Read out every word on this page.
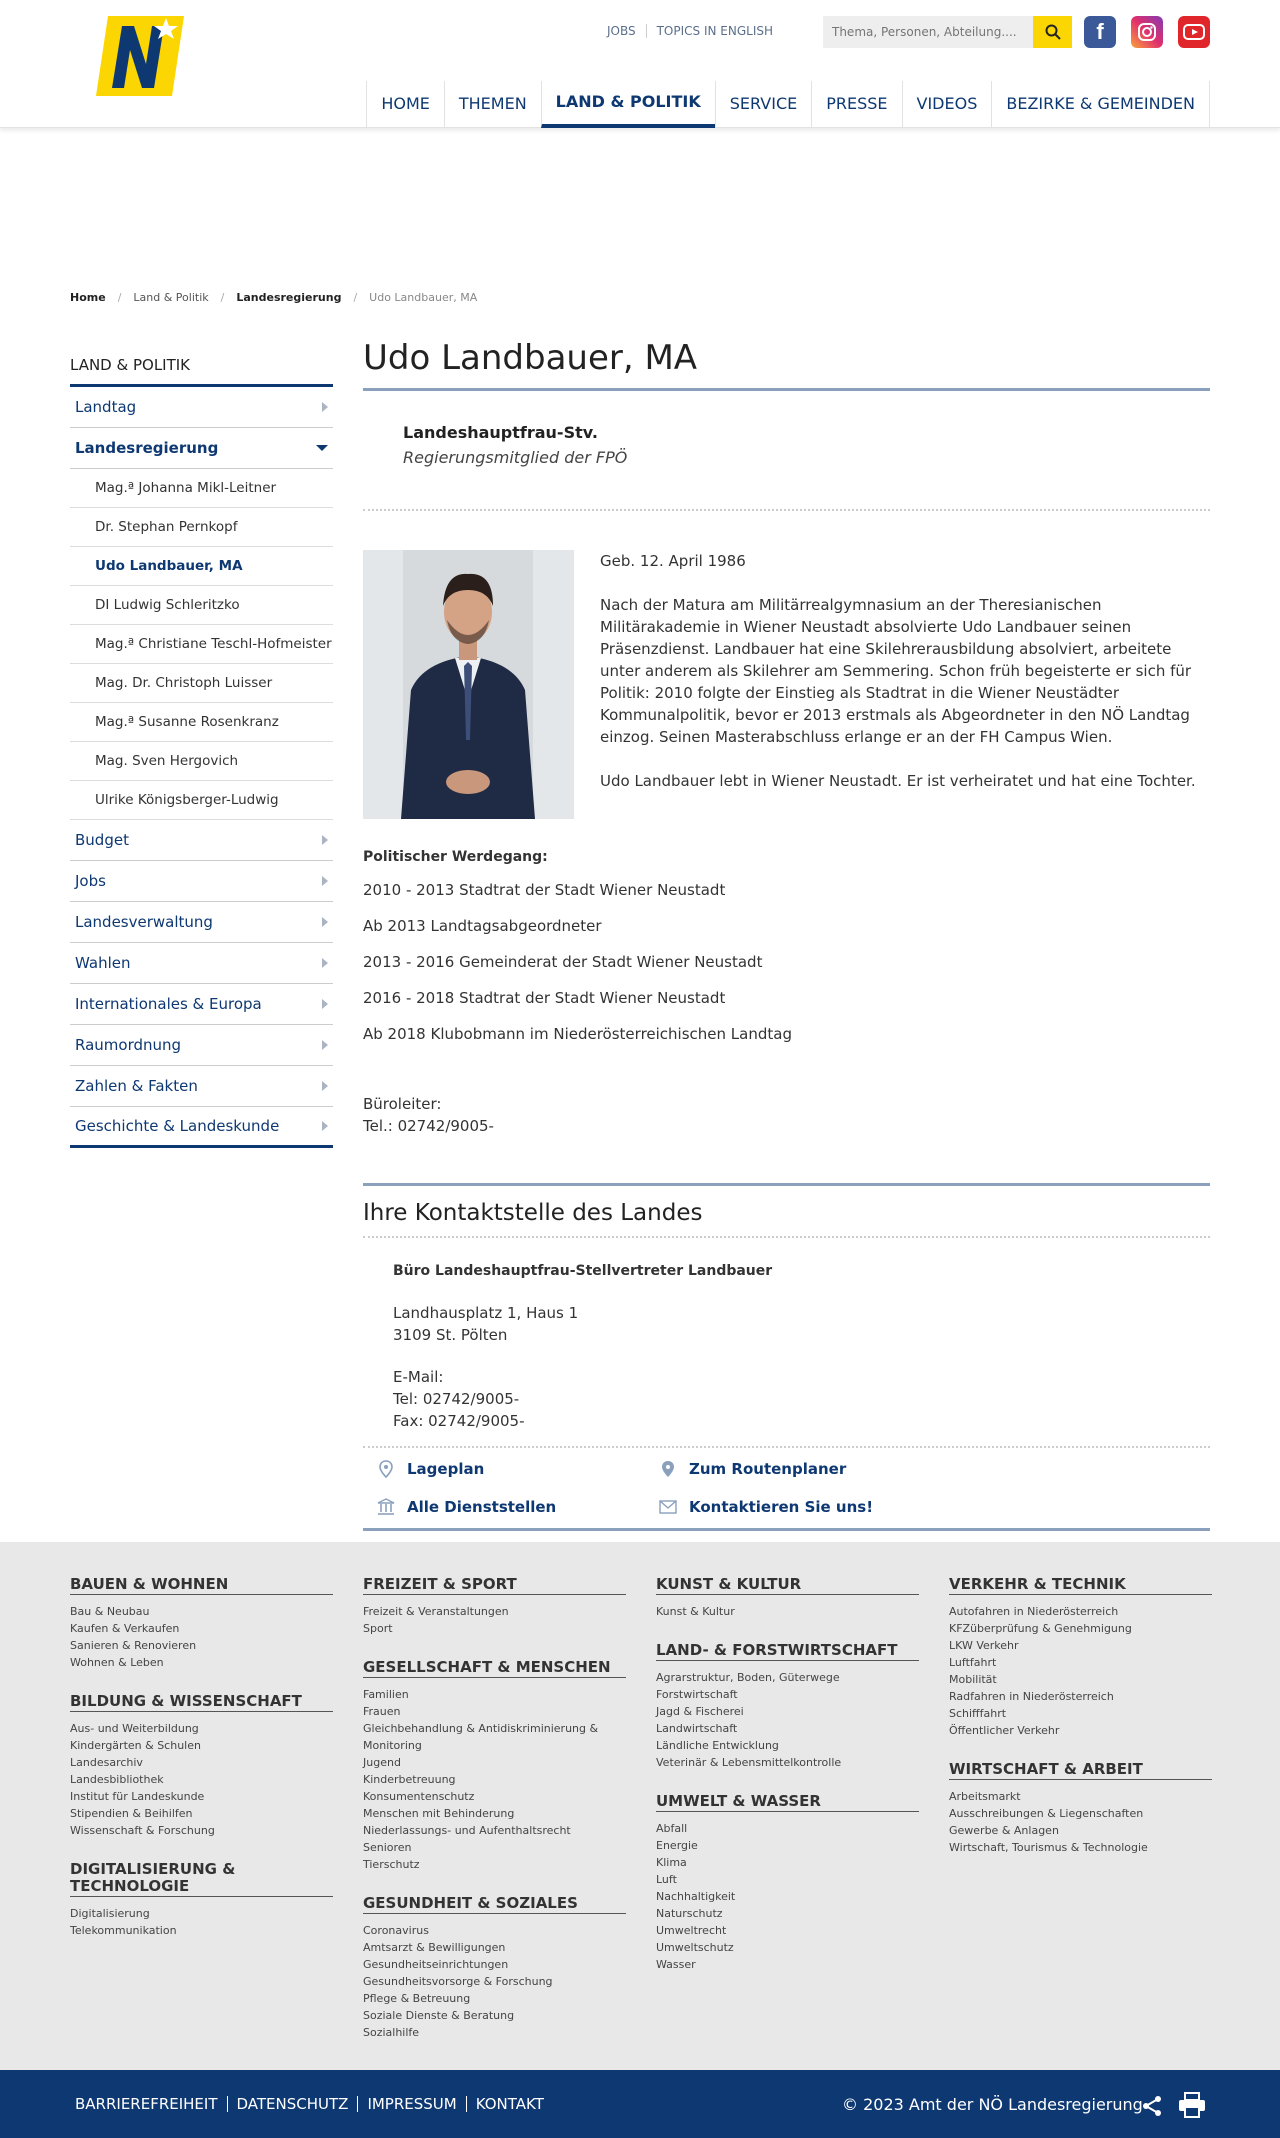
JOBS	TOPICS IN ENGLISH
Thema, Personen, Abteilung....	f
HOME	THEMEN	LAND & POLITIK	SERVICE	PRESSE	VIDEOS	BEZIRKE & GEMEINDEN
Home / Land & Politik / Landesregierung / Udo Landbauer, MA
LAND & POLITIK
Landtag
Landesregierung
Mag.ª Johanna Mikl-Leitner
Dr. Stephan Pernkopf
Udo Landbauer, MA
DI Ludwig Schleritzko
Mag.ª Christiane Teschl-Hofmeister
Mag. Dr. Christoph Luisser
Mag.ª Susanne Rosenkranz
Mag. Sven Hergovich
Ulrike Königsberger-Ludwig
Budget
Jobs
Landesverwaltung
Wahlen
Internationales & Europa
Raumordnung
Zahlen & Fakten
Geschichte & Landeskunde
Udo Landbauer, MA
Landeshauptfrau-Stv.
Regierungsmitglied der FPÖ

Geb. 12. April 1986

Nach der Matura am Militärrealgymnasium an der Theresianischen Militärakademie in Wiener Neustadt absolvierte Udo Landbauer seinen Präsenzdienst. Landbauer hat eine Skilehrerausbildung absolviert, arbeitete unter anderem als Skilehrer am Semmering. Schon früh begeisterte er sich für Politik: 2010 folgte der Einstieg als Stadtrat in die Wiener Neustädter Kommunalpolitik, bevor er 2013 erstmals als Abgeordneter in den NÖ Landtag einzog. Seinen Masterabschluss erlange er an der FH Campus Wien.

Udo Landbauer lebt in Wiener Neustadt. Er ist verheiratet und hat eine Tochter.

Politischer Werdegang:
2010 - 2013 Stadtrat der Stadt Wiener Neustadt
Ab 2013 Landtagsabgeordneter
2013 - 2016 Gemeinderat der Stadt Wiener Neustadt
2016 - 2018 Stadtrat der Stadt Wiener Neustadt
Ab 2018 Klubobmann im Niederösterreichischen Landtag
Büroleiter:
Tel.: 02742/9005-
Ihre Kontaktstelle des Landes
Büro Landeshauptfrau-Stellvertreter Landbauer

Landhausplatz 1, Haus 1
3109 St. Pölten

E-Mail:
Tel: 02742/9005-
Fax: 02742/9005-

Lageplan	Zum Routenplaner
Alle Dienststellen	Kontaktieren Sie uns!
BAUEN & WOHNEN
Bau & Neubau
Kaufen & Verkaufen
Sanieren & Renovieren
Wohnen & Leben
BILDUNG & WISSENSCHAFT
Aus- und Weiterbildung
Kindergärten & Schulen
Landesarchiv
Landesbibliothek
Institut für Landeskunde
Stipendien & Beihilfen
Wissenschaft & Forschung
DIGITALISIERUNG & TECHNOLOGIE
Digitalisierung
Telekommunikation
FREIZEIT & SPORT
Freizeit & Veranstaltungen
Sport
GESELLSCHAFT & MENSCHEN
Familien
Frauen
Gleichbehandlung & Antidiskriminierung & Monitoring
Jugend
Kinderbetreuung
Konsumentenschutz
Menschen mit Behinderung
Niederlassungs- und Aufenthaltsrecht
Senioren
Tierschutz
GESUNDHEIT & SOZIALES
Coronavirus
Amtsarzt & Bewilligungen
Gesundheitseinrichtungen
Gesundheitsvorsorge & Forschung
Pflege & Betreuung
Soziale Dienste & Beratung
Sozialhilfe
KUNST & KULTUR
Kunst & Kultur
LAND- & FORSTWIRTSCHAFT
Agrarstruktur, Boden, Güterwege
Forstwirtschaft
Jagd & Fischerei
Landwirtschaft
Ländliche Entwicklung
Veterinär & Lebensmittelkontrolle
UMWELT & WASSER
Abfall
Energie
Klima
Luft
Nachhaltigkeit
Naturschutz
Umweltrecht
Umweltschutz
Wasser
VERKEHR & TECHNIK
Autofahren in Niederösterreich
KFZüberprüfung & Genehmigung
LKW Verkehr
Luftfahrt
Mobilität
Radfahren in Niederösterreich
Schifffahrt
Öffentlicher Verkehr
WIRTSCHAFT & ARBEIT
Arbeitsmarkt
Ausschreibungen & Liegenschaften
Gewerbe & Anlagen
Wirtschaft, Tourismus & Technologie
BARRIEREFREIHEIT	DATENSCHUTZ	IMPRESSUM	KONTAKT	© 2023 Amt der NÖ Landesregierung
